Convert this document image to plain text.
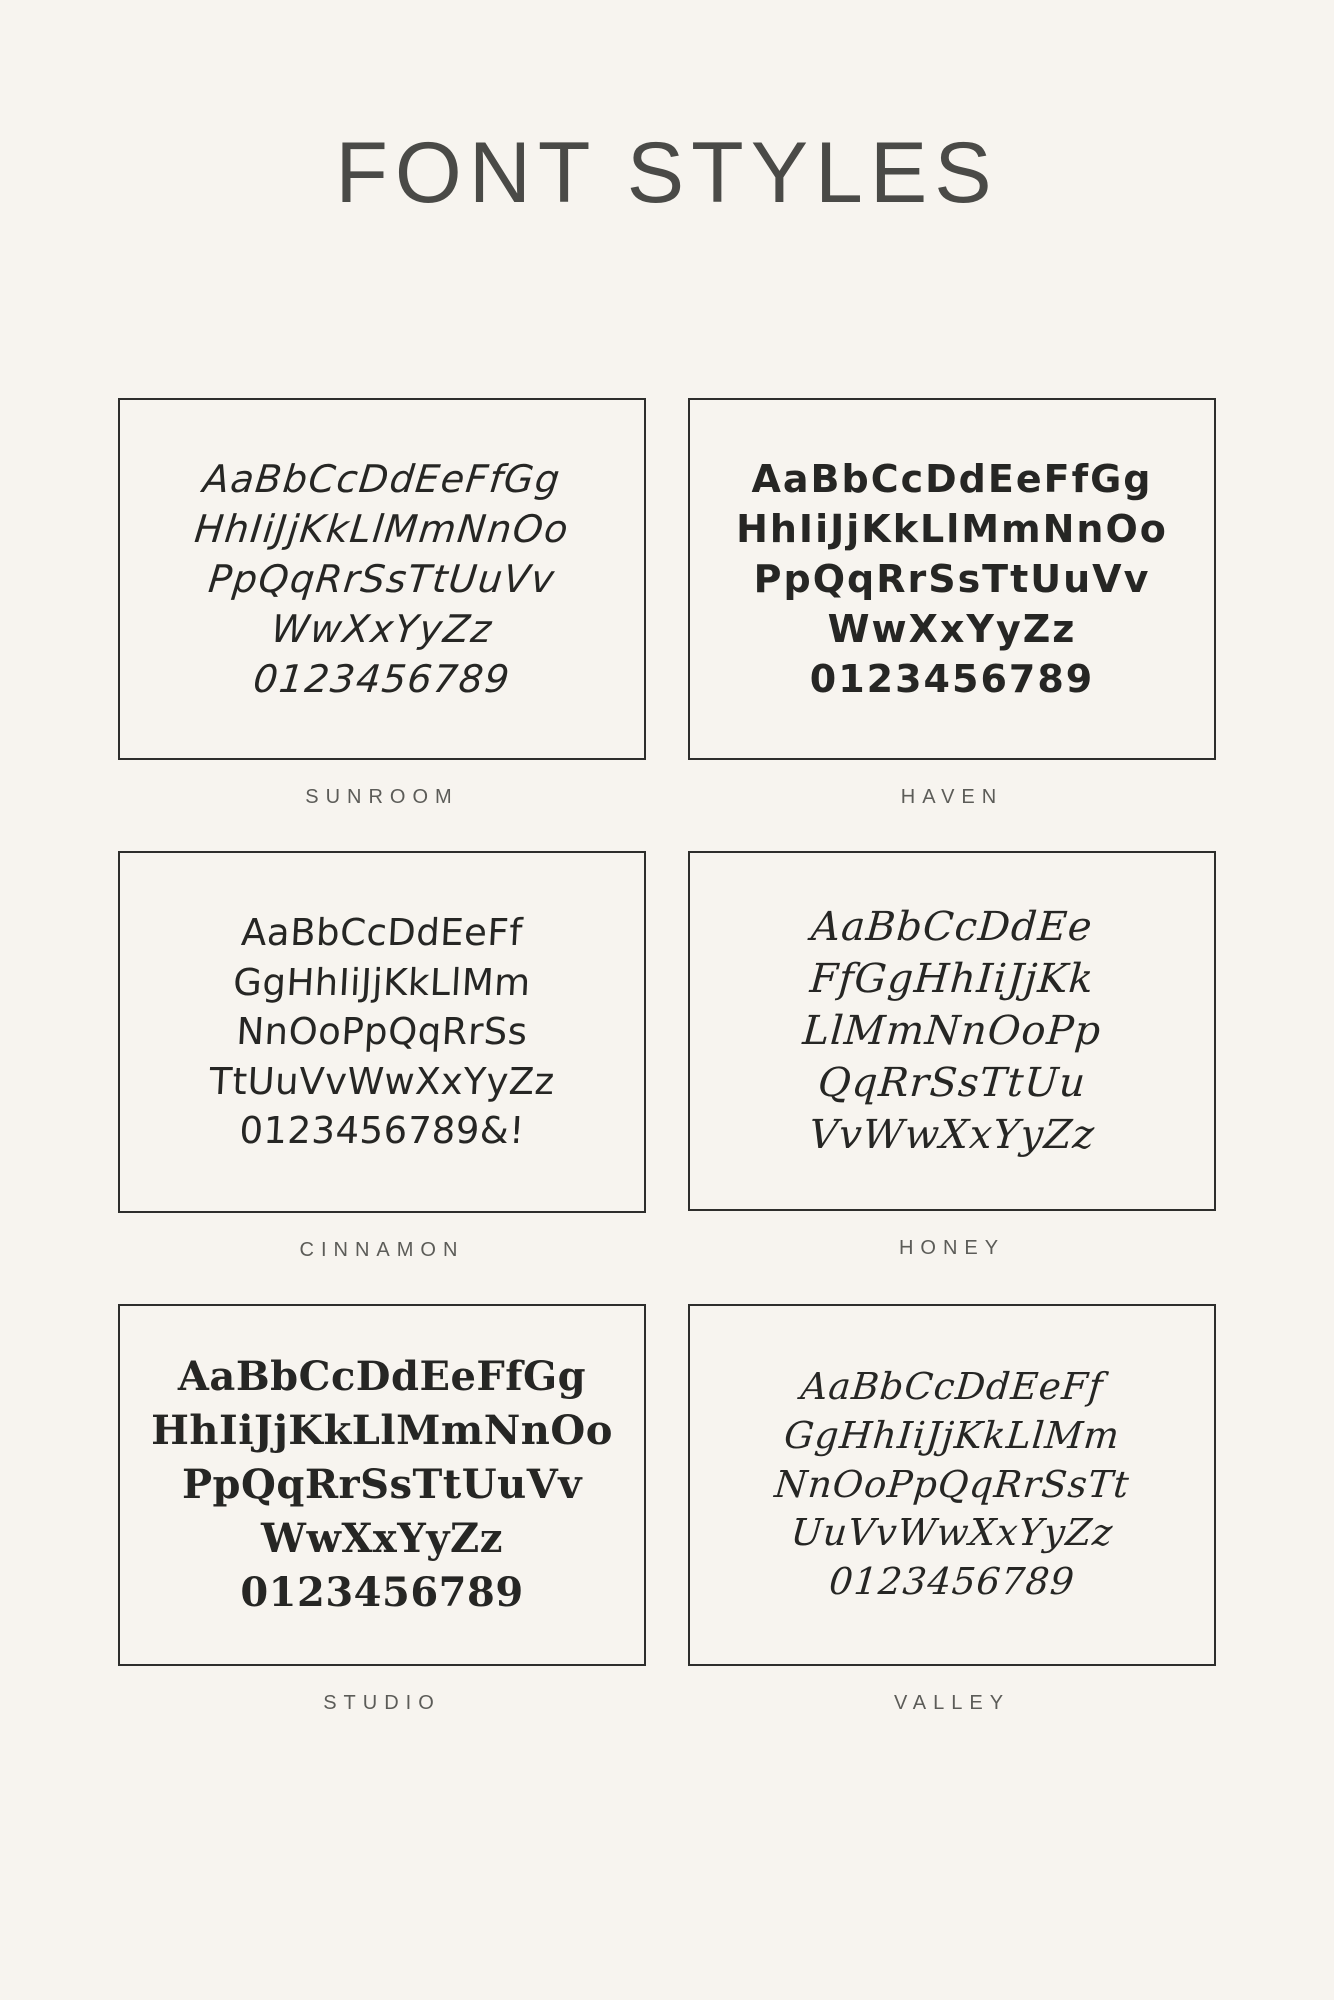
FONT STYLES
AaBbCcDdEeFfGg
HhIiJjKkLlMmNnOo
PpQqRrSsTtUuVv
WwXxYyZz
0123456789
SUNROOM
AaBbCcDdEeFfGg
HhIiJjKkLlMmNnOo
PpQqRrSsTtUuVv
WwXxYyZz
0123456789
HAVEN
AaBbCcDdEeFf
GgHhIiJjKkLlMm
NnOoPpQqRrSs
TtUuVvWwXxYyZz
0123456789&!
CINNAMON
AaBbCcDdEe
FfGgHhIiJjKk
LlMmNnOoPp
QqRrSsTtUu
VvWwXxYyZz
HONEY
AaBbCcDdEeFfGg
HhIiJjKkLlMmNnOo
PpQqRrSsTtUuVv
WwXxYyZz
0123456789
STUDIO
AaBbCcDdEeFf
GgHhIiJjKkLlMm
NnOoPpQqRrSsTt
UuVvWwXxYyZz
0123456789
VALLEY
